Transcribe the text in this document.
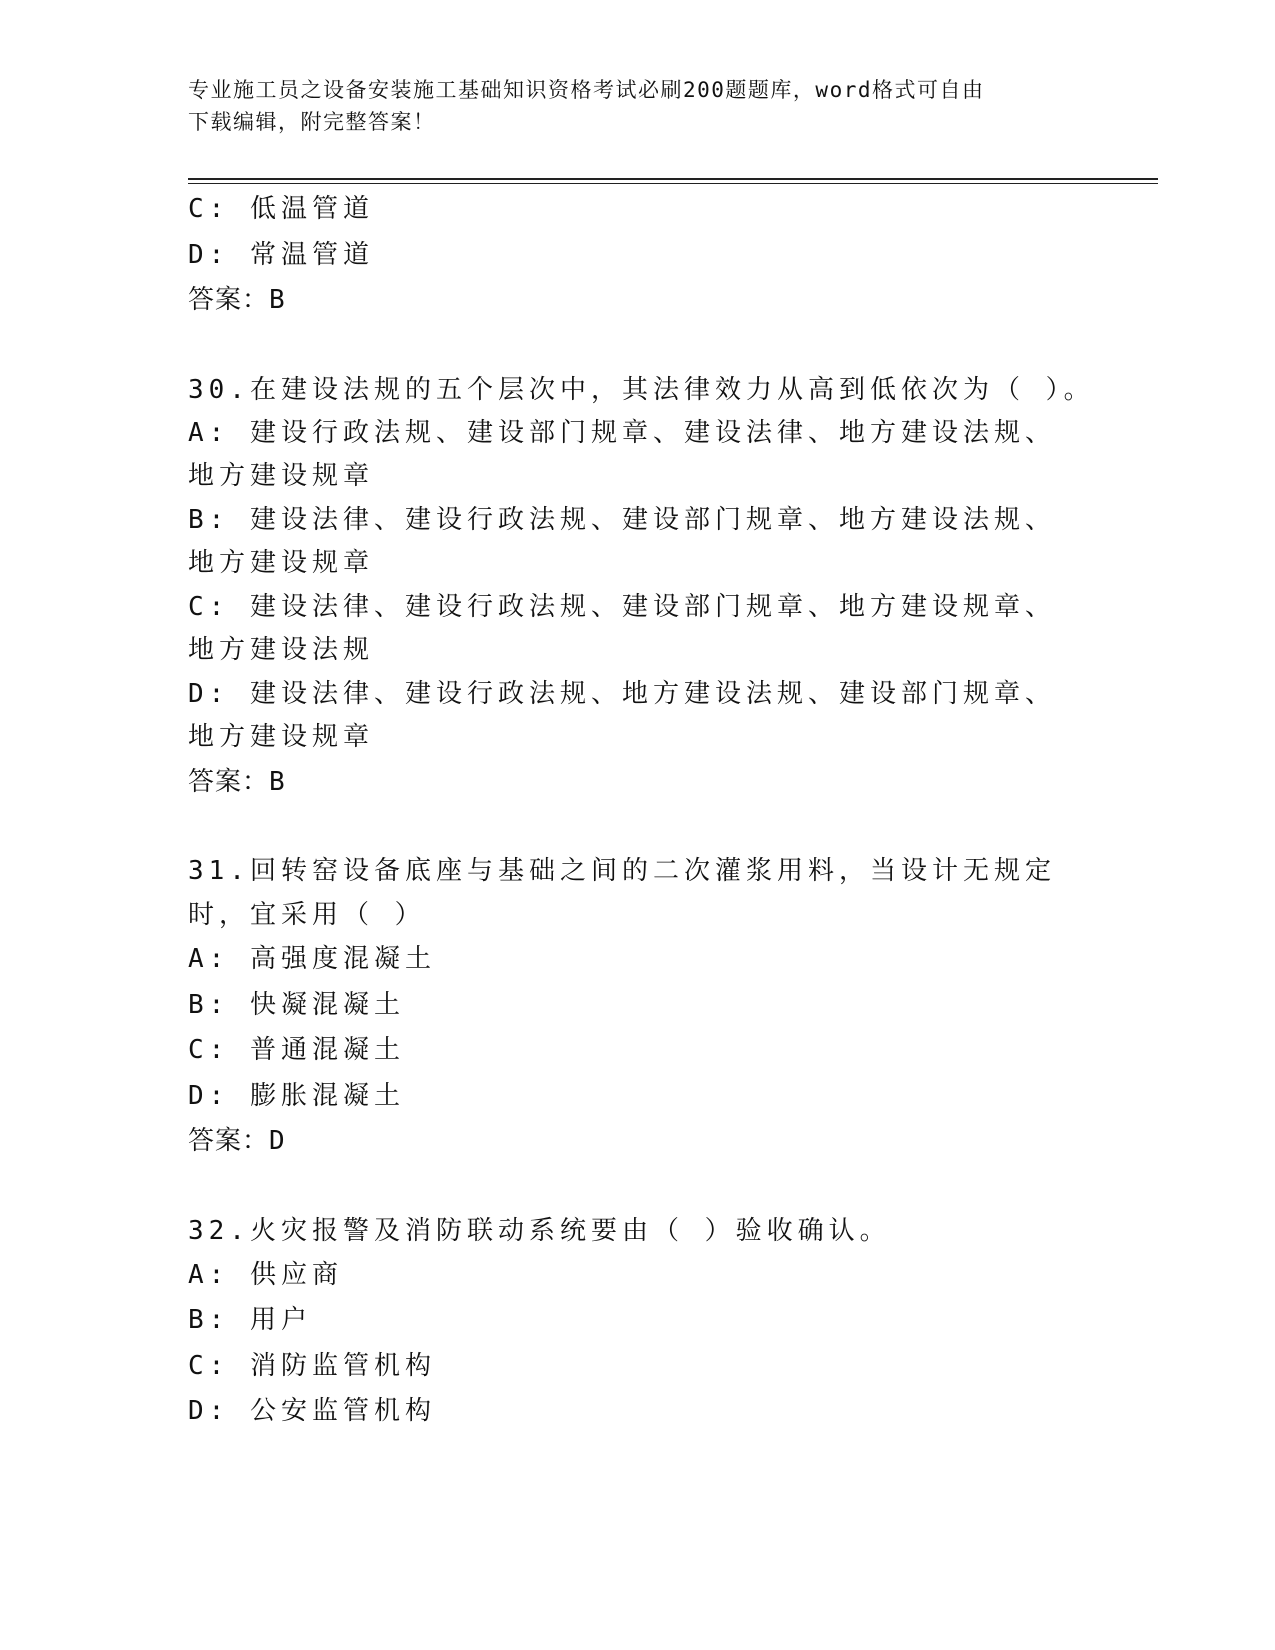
专业施工员之设备安装施工基础知识资格考试必刷200题题库，word格式可自由
下载编辑，附完整答案！
C: 低温管道
D: 常温管道
答案：B
30.在建设法规的五个层次中，其法律效力从高到低依次为（ ）。
A: 建设行政法规、建设部门规章、建设法律、地方建设法规、地方建设规章
B: 建设法律、建设行政法规、建设部门规章、地方建设法规、地方建设规章
C: 建设法律、建设行政法规、建设部门规章、地方建设规章、地方建设法规
D: 建设法律、建设行政法规、地方建设法规、建设部门规章、地方建设规章
答案：B
31.回转窑设备底座与基础之间的二次灌浆用料，当设计无规定时，宜采用（ ）
A: 高强度混凝土
B: 快凝混凝土
C: 普通混凝土
D: 膨胀混凝土
答案：D
32.火灾报警及消防联动系统要由（ ）验收确认。
A: 供应商
B: 用户
C: 消防监管机构
D: 公安监管机构
